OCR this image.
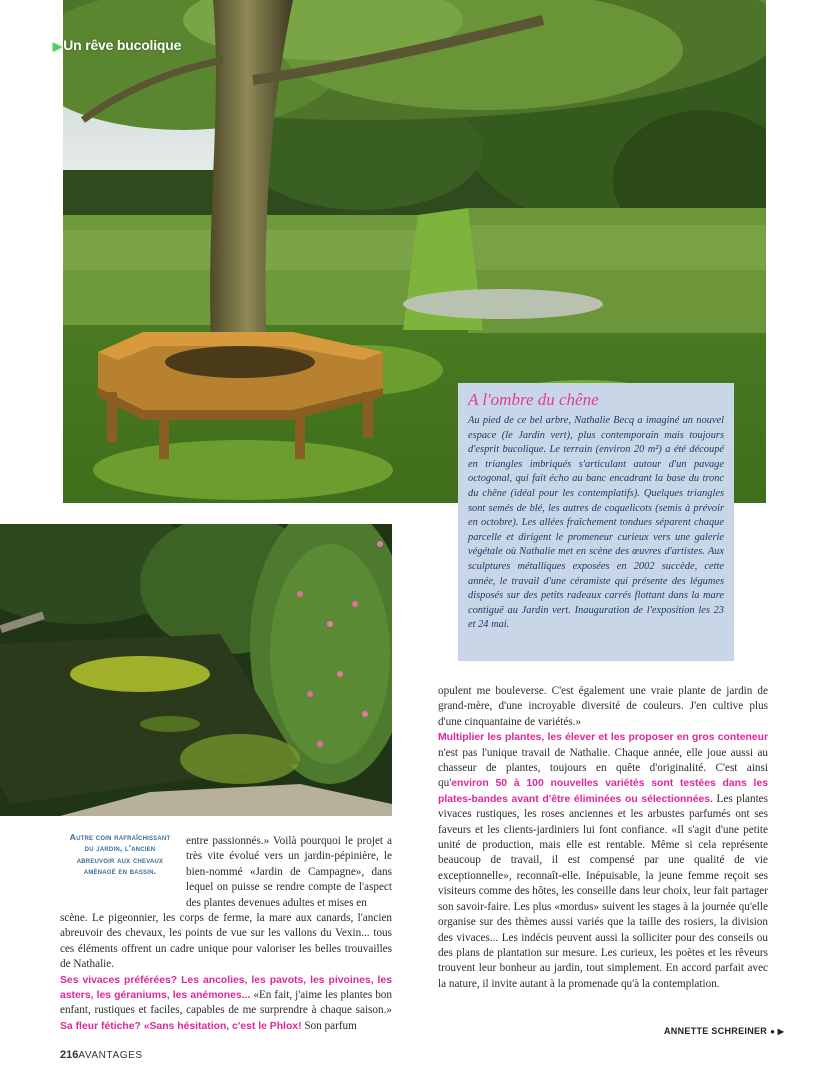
▶ Un rêve bucolique
A l'ombre du chêne

Au pied de ce bel arbre, Nathalie Becq a imaginé un nouvel espace (le Jardin vert), plus contemporain mais toujours d'esprit bucolique. Le terrain (environ 20 m²) a été découpé en triangles imbriqués s'articulant autour d'un pavage octogonal, qui fait écho au banc encadrant la base du tronc du chêne (idéal pour les contemplatifs). Quelques triangles sont semés de blé, les autres de coquelicots (semis à prévoir en octobre). Les allées fraîchement tondues séparent chaque parcelle et dirigent le promeneur curieux vers une galerie végétale où Nathalie met en scène des œuvres d'artistes. Aux sculptures métalliques exposées en 2002 succède, cette année, le travail d'une céramiste qui présente des légumes disposés sur des petits radeaux carrés flottant dans la mare contiguë au Jardin vert. Inauguration de l'exposition les 23 et 24 mai.

Autre coin rafraîchissant du jardin, l'ancien abreuvoir aux chevaux aménagé en bassin.

entre passionnés.» Voilà pourquoi le projet a très vite évolué vers un jardin-pépinière, le bien-nommé «Jardin de Campagne», dans lequel on puisse se rendre compte de l'aspect des plantes devenues adultes et mises en

scène. Le pigeonnier, les corps de ferme, la mare aux canards, l'ancien abreuvoir des chevaux, les points de vue sur les vallons du Vexin... tous ces éléments offrent un cadre unique pour valoriser les belles trouvailles de Nathalie.

Ses vivaces préférées? Les ancolies, les pavots, les pivoines, les asters, les géraniums, les anémones... «En fait, j'aime les plantes bon enfant, rustiques et faciles, capables de me surprendre à chaque saison.» Sa fleur fétiche? «Sans hésitation, c'est le Phlox! Son parfum

opulent me bouleverse. C'est également une vraie plante de jardin de grand-mère, d'une incroyable diversité de couleurs. J'en cultive plus d'une cinquantaine de variétés.»

Multiplier les plantes, les élever et les proposer en gros conteneur n'est pas l'unique travail de Nathalie. Chaque année, elle joue aussi au chasseur de plantes, toujours en quête d'originalité. C'est ainsi qu'environ 50 à 100 nouvelles variétés sont testées dans les plates-bandes avant d'être éliminées ou sélectionnées. Les plantes vivaces rustiques, les roses anciennes et les arbustes parfumés ont ses faveurs et les clients-jardiniers lui font confiance. «Il s'agit d'une petite unité de production, mais elle est rentable. Même si cela représente beaucoup de travail, il est compensé par une qualité de vie exceptionnelle», reconnaît-elle. Inépuisable, la jeune femme reçoit ses visiteurs comme des hôtes, les conseille dans leur choix, leur fait partager son savoir-faire. Les plus «mordus» suivent les stages à la journée qu'elle organise sur des thèmes aussi variés que la taille des rosiers, la division des vivaces... Les indécis peuvent aussi la solliciter pour des conseils ou des plans de plantation sur mesure. Les curieux, les poètes et les rêveurs trouvent leur bonheur au jardin, tout simplement. En accord parfait avec la nature, il invite autant à la promenade qu'à la contemplation.

ANNETTE SCHREINER ● ▶
216AVANTAGES
